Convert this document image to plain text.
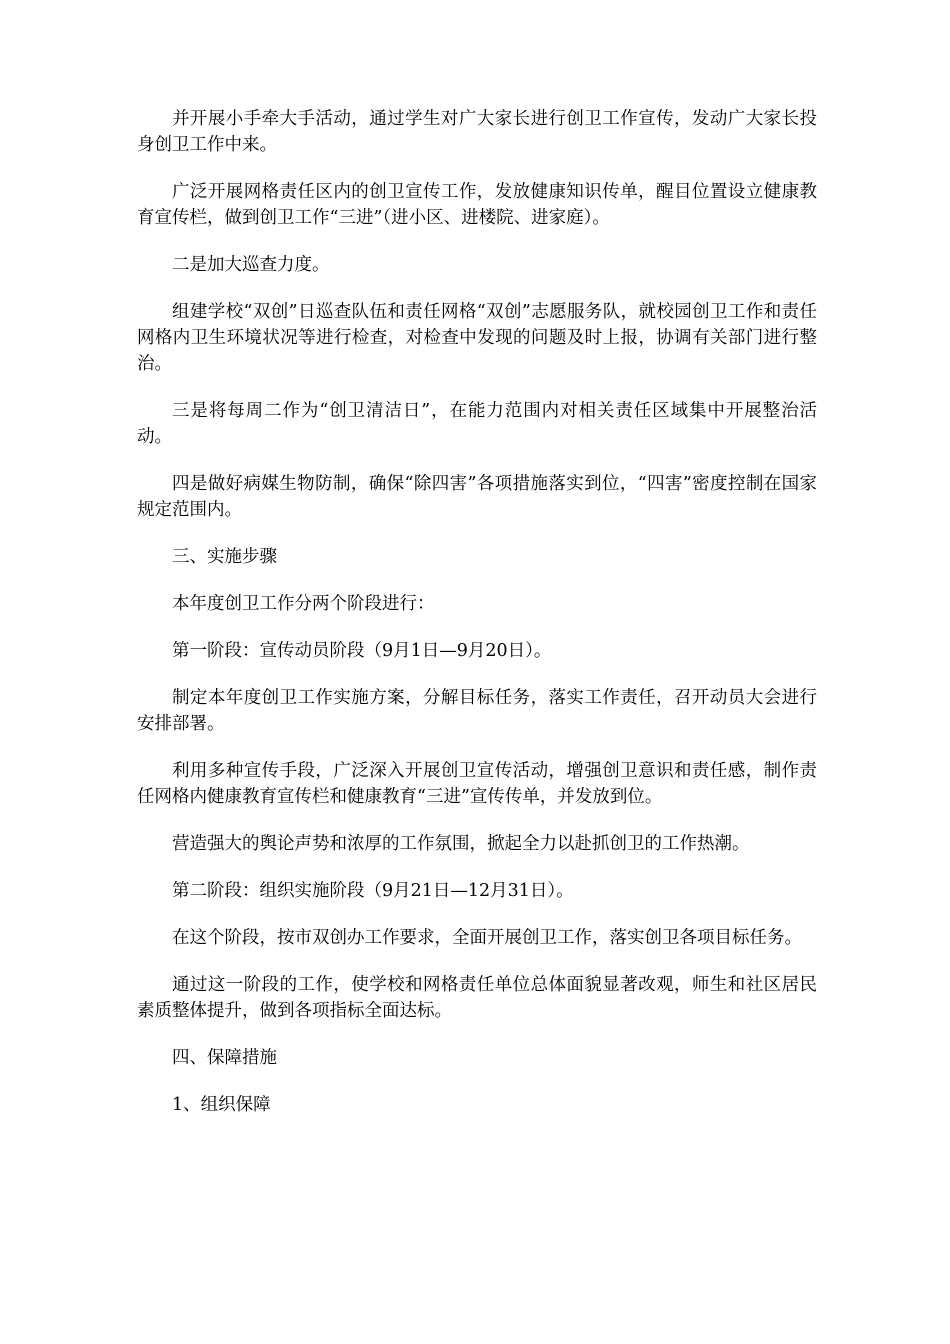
并开展小手牵大手活动，通过学生对广大家长进行创卫工作宣传，发动广大家长投身创卫工作中来。

广泛开展网格责任区内的创卫宣传工作，发放健康知识传单，醒目位置设立健康教育宣传栏，做到创卫工作“三进”（进小区、进楼院、进家庭）。

二是加大巡查力度。

组建学校“双创”日巡查队伍和责任网格“双创”志愿服务队，就校园创卫工作和责任网格内卫生环境状况等进行检查，对检查中发现的问题及时上报，协调有关部门进行整治。

三是将每周二作为“创卫清洁日”，在能力范围内对相关责任区域集中开展整治活动。

四是做好病媒生物防制，确保“除四害”各项措施落实到位，“四害”密度控制在国家规定范围内。

三、实施步骤

本年度创卫工作分两个阶段进行：

第一阶段：宣传动员阶段（9月1日—9月20日）。

制定本年度创卫工作实施方案，分解目标任务，落实工作责任，召开动员大会进行安排部署。

利用多种宣传手段，广泛深入开展创卫宣传活动，增强创卫意识和责任感，制作责任网格内健康教育宣传栏和健康教育“三进”宣传传单，并发放到位。

营造强大的舆论声势和浓厚的工作氛围，掀起全力以赴抓创卫的工作热潮。

第二阶段：组织实施阶段（9月21日—12月31日）。

在这个阶段，按市双创办工作要求，全面开展创卫工作，落实创卫各项目标任务。

通过这一阶段的工作，使学校和网格责任单位总体面貌显著改观，师生和社区居民素质整体提升，做到各项指标全面达标。

四、保障措施

1、组织保障
